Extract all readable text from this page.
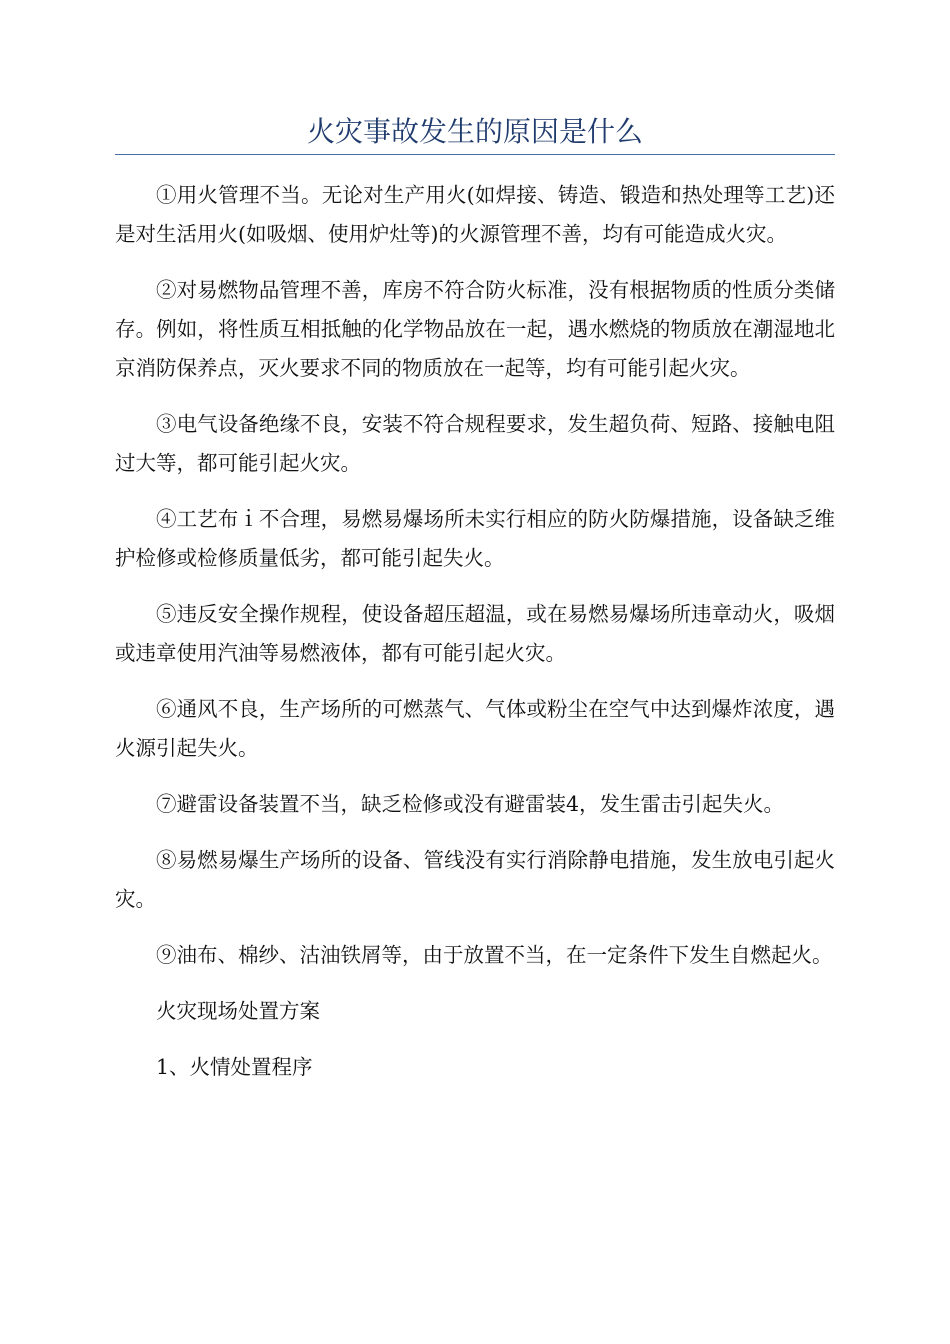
火灾事故发生的原因是什么

①用火管理不当。无论对生产用火(如焊接、铸造、锻造和热处理等工艺)还是对生活用火(如吸烟、使用炉灶等)的火源管理不善，均有可能造成火灾。

②对易燃物品管理不善，库房不符合防火标准，没有根据物质的性质分类储存。例如，将性质互相抵触的化学物品放在一起，遇水燃烧的物质放在潮湿地北京消防保养点，灭火要求不同的物质放在一起等，均有可能引起火灾。

③电气设备绝缘不良，安装不符合规程要求，发生超负荷、短路、接触电阻过大等，都可能引起火灾。

④工艺布ｉ不合理，易燃易爆场所未实行相应的防火防爆措施，设备缺乏维护检修或检修质量低劣，都可能引起失火。

⑤违反安全操作规程，使设备超压超温，或在易燃易爆场所违章动火，吸烟或违章使用汽油等易燃液体，都有可能引起火灾。

⑥通风不良，生产场所的可燃蒸气、气体或粉尘在空气中达到爆炸浓度，遇火源引起失火。

⑦避雷设备装置不当，缺乏检修或没有避雷装4，发生雷击引起失火。

⑧易燃易爆生产场所的设备、管线没有实行消除静电措施，发生放电引起火灾。

⑨油布、棉纱、沽油铁屑等，由于放置不当，在一定条件下发生自燃起火。

火灾现场处置方案

1、火情处置程序
